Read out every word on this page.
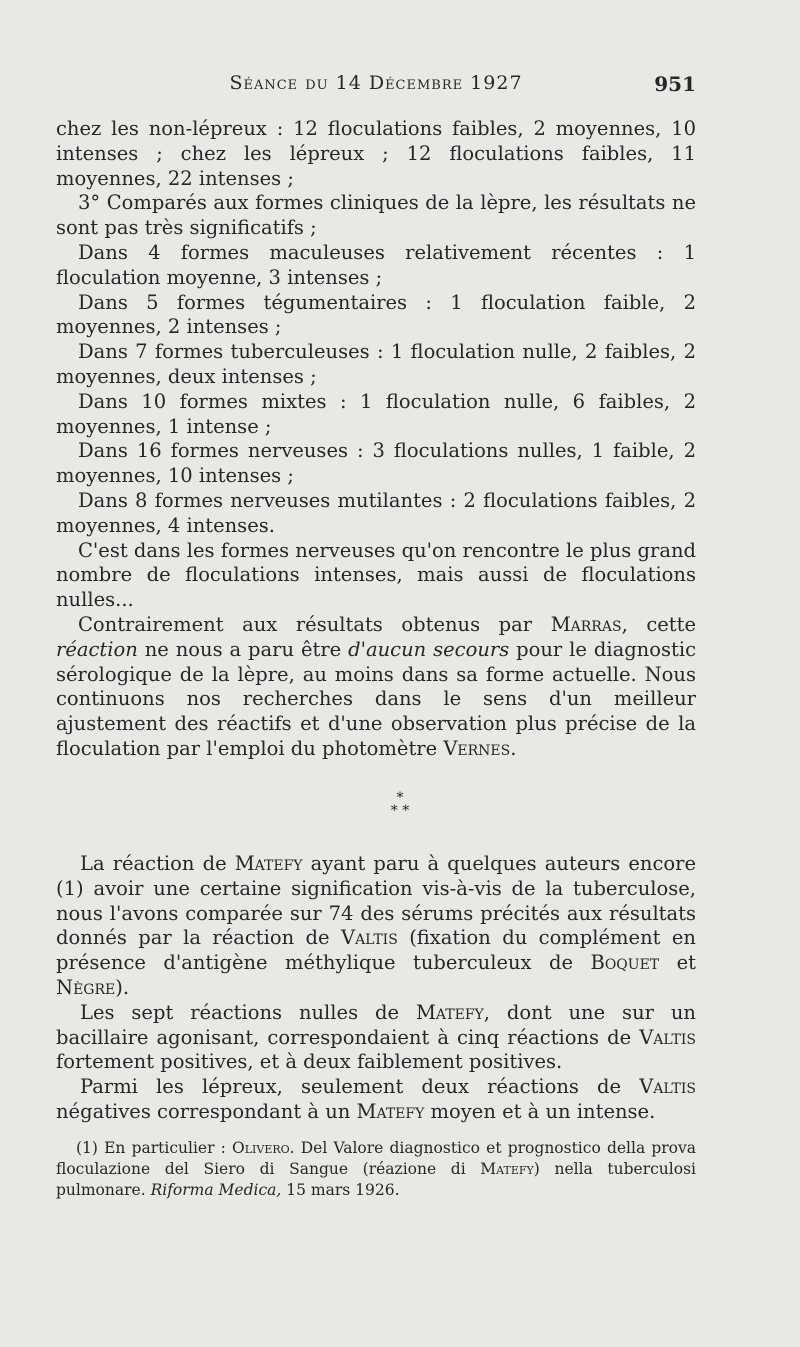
Séance du 14 Décembre 1927	951

chez les non-lépreux : 12 floculations faibles, 2 moyennes, 10 intenses ; chez les lépreux ; 12 floculations faibles, 11 moyennes, 22 intenses ;

3° Comparés aux formes cliniques de la lèpre, les résultats ne sont pas très significatifs ;

Dans 4 formes maculeuses relativement récentes : 1 floculation moyenne, 3 intenses ;

Dans 5 formes tégumentaires : 1 floculation faible, 2 moyennes, 2 intenses ;

Dans 7 formes tuberculeuses : 1 floculation nulle, 2 faibles, 2 moyennes, deux intenses ;

Dans 10 formes mixtes : 1 floculation nulle, 6 faibles, 2 moyennes, 1 intense ;

Dans 16 formes nerveuses : 3 floculations nulles, 1 faible, 2 moyennes, 10 intenses ;

Dans 8 formes nerveuses mutilantes : 2 floculations faibles, 2 moyennes, 4 intenses.

C'est dans les formes nerveuses qu'on rencontre le plus grand nombre de floculations intenses, mais aussi de floculations nulles...

Contrairement aux résultats obtenus par Marras, cette réaction ne nous a paru être d'aucun secours pour le diagnostic sérologique de la lèpre, au moins dans sa forme actuelle. Nous continuons nos recherches dans le sens d'un meilleur ajustement des réactifs et d'une observation plus précise de la floculation par l'emploi du photomètre Vernes.

*
* *

La réaction de Matefy ayant paru à quelques auteurs encore (1) avoir une certaine signification vis-à-vis de la tuberculose, nous l'avons comparée sur 74 des sérums précités aux résultats donnés par la réaction de Valtis (fixation du complément en présence d'antigène méthylique tuberculeux de Boquet et Nègre).

Les sept réactions nulles de Matefy, dont une sur un bacillaire agonisant, correspondaient à cinq réactions de Valtis fortement positives, et à deux faiblement positives.

Parmi les lépreux, seulement deux réactions de Valtis négatives correspondant à un Matefy moyen et à un intense.

(1) En particulier : Olivero. Del Valore diagnostico et prognostico della prova floculazione del Siero di Sangue (réazione di Matefy) nella tuberculosi pulmonare. Riforma Medica, 15 mars 1926.
